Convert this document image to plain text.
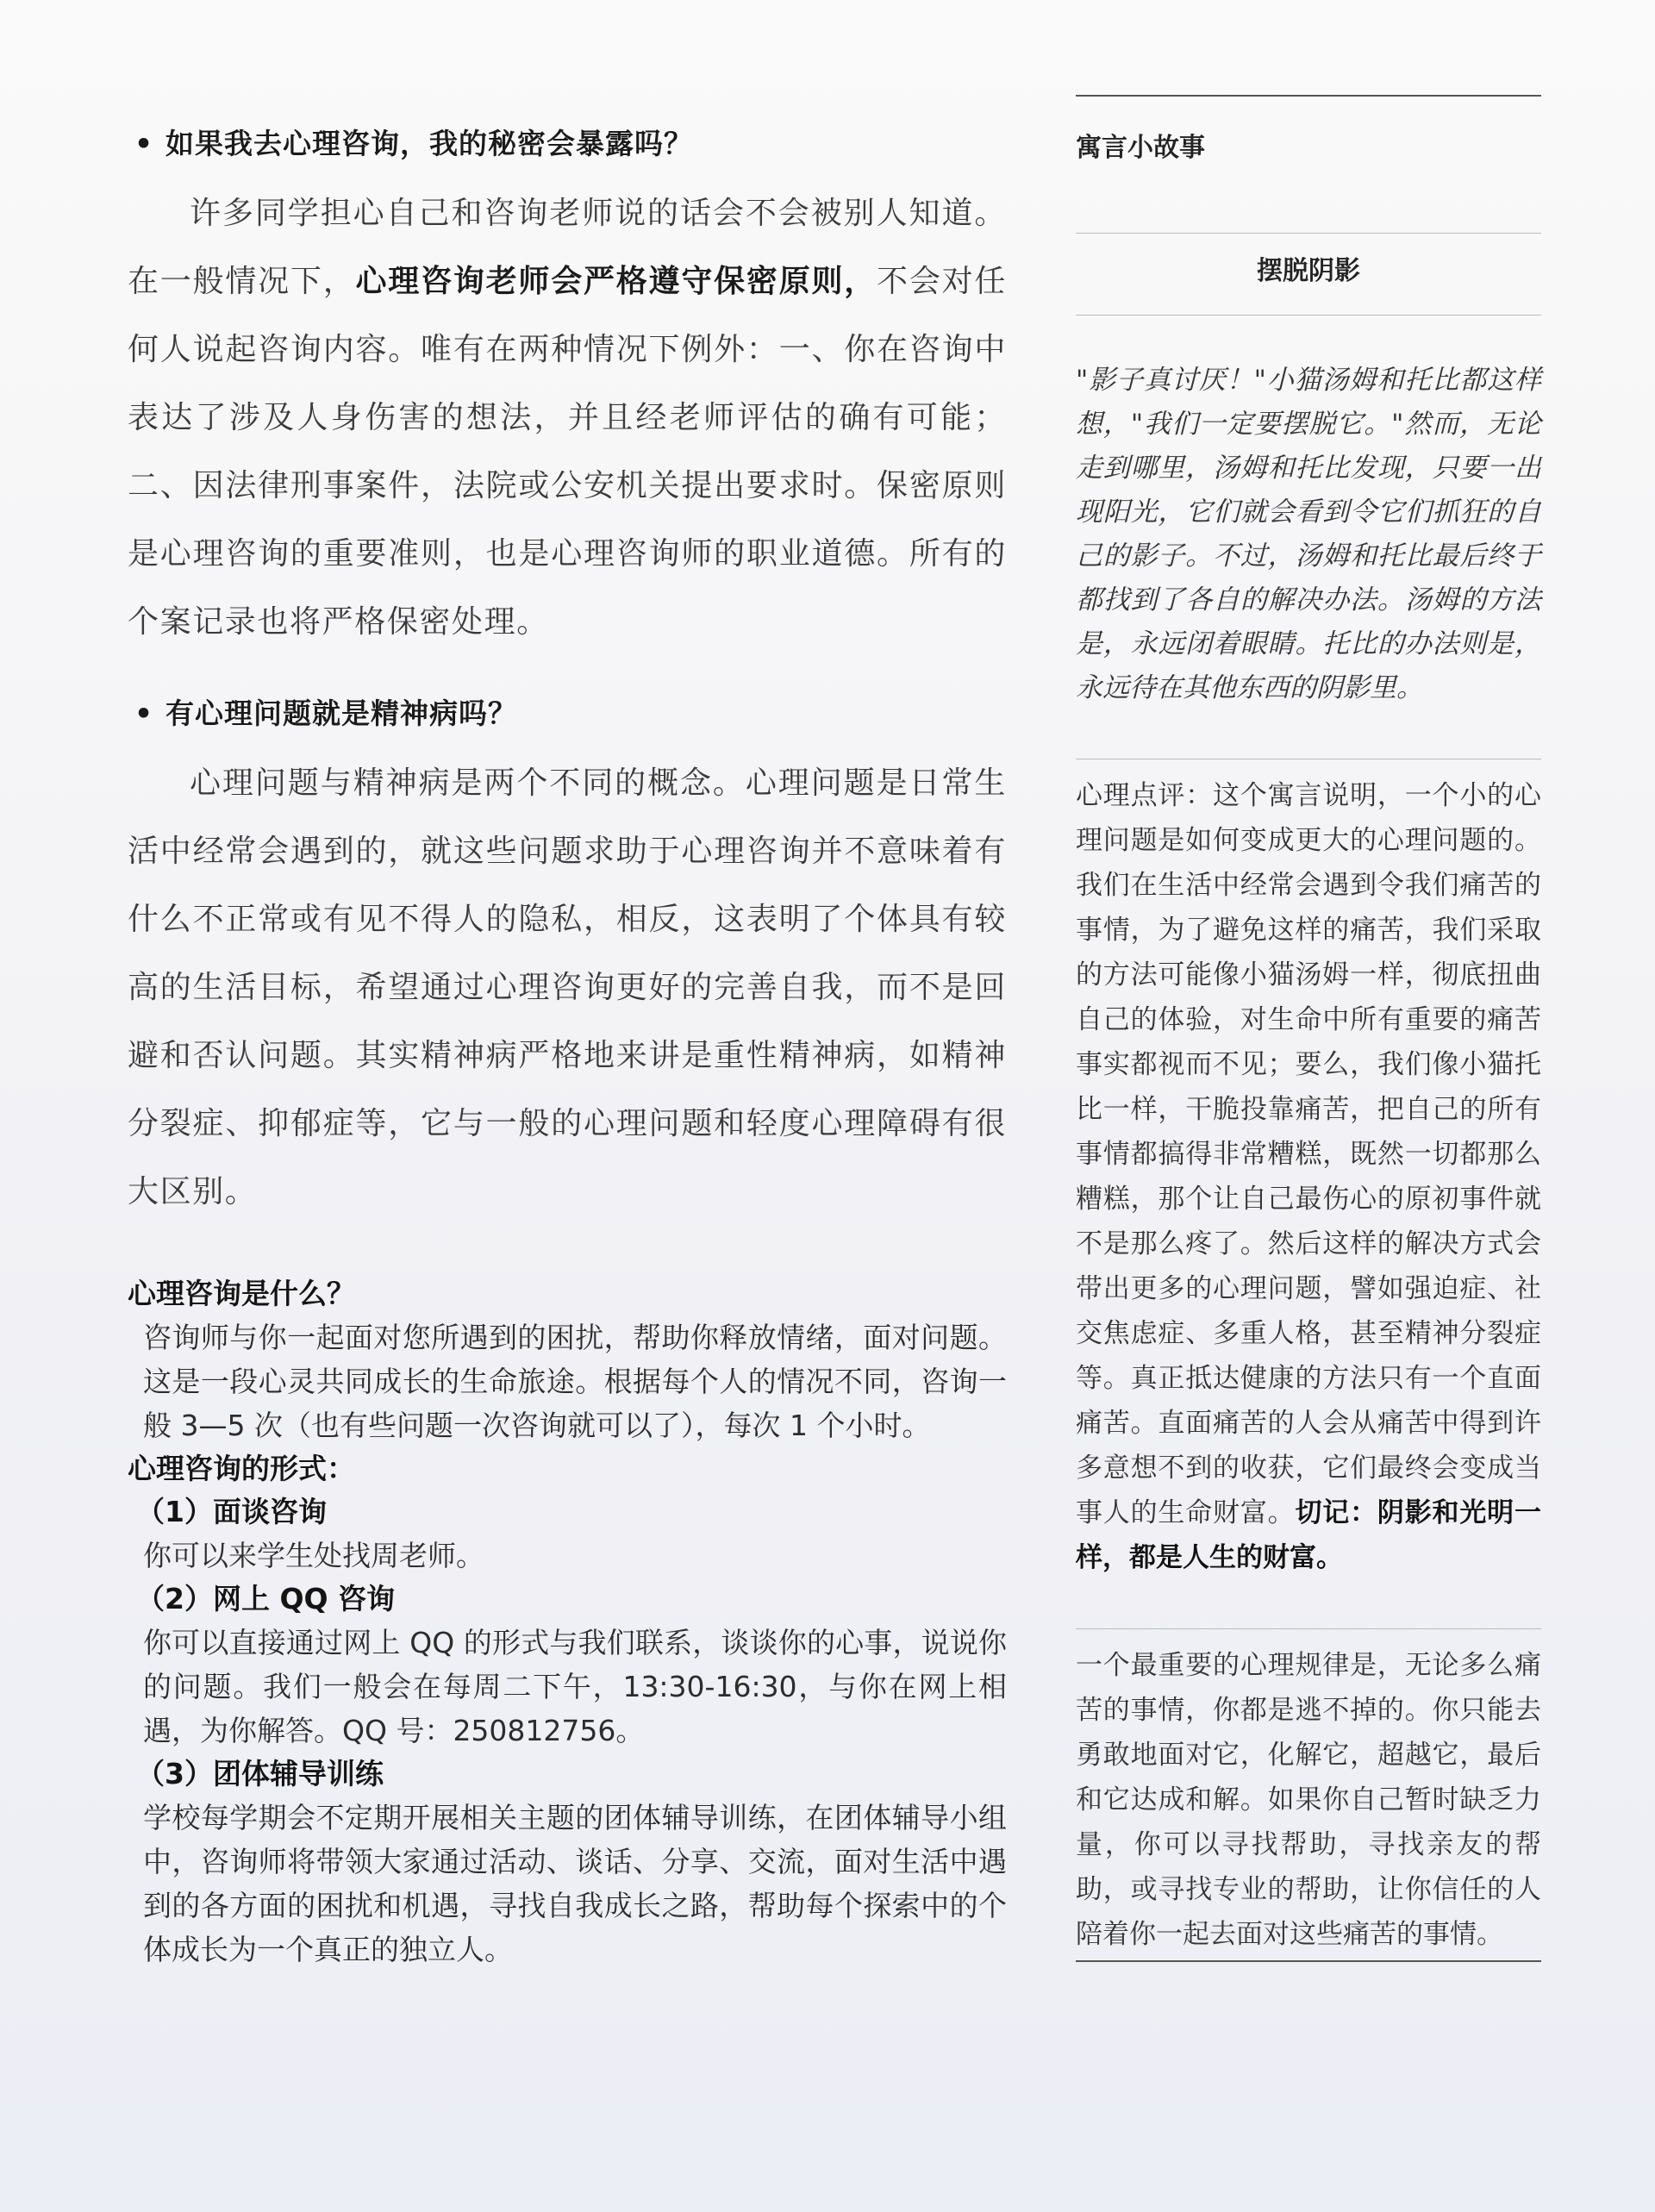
• 如果我去心理咨询，我的秘密会暴露吗？

许多同学担心自己和咨询老师说的话会不会被别人知道。在一般情况下，心理咨询老师会严格遵守保密原则，不会对任何人说起咨询内容。唯有在两种情况下例外：一、你在咨询中表达了涉及人身伤害的想法，并且经老师评估的确有可能；二、因法律刑事案件，法院或公安机关提出要求时。保密原则是心理咨询的重要准则，也是心理咨询师的职业道德。所有的个案记录也将严格保密处理。

• 有心理问题就是精神病吗？

心理问题与精神病是两个不同的概念。心理问题是日常生活中经常会遇到的，就这些问题求助于心理咨询并不意味着有什么不正常或有见不得人的隐私，相反，这表明了个体具有较高的生活目标，希望通过心理咨询更好的完善自我，而不是回避和否认问题。其实精神病严格地来讲是重性精神病，如精神分裂症、抑郁症等，它与一般的心理问题和轻度心理障碍有很大区别。

心理咨询是什么？

咨询师与你一起面对您所遇到的困扰，帮助你释放情绪，面对问题。这是一段心灵共同成长的生命旅途。根据每个人的情况不同，咨询一般 3—5 次（也有些问题一次咨询就可以了），每次 1 个小时。

心理咨询的形式：

（1）面谈咨询

你可以来学生处找周老师。

（2）网上 QQ 咨询

你可以直接通过网上 QQ 的形式与我们联系，谈谈你的心事，说说你的问题。我们一般会在每周二下午，13:30-16:30，与你在网上相遇，为你解答。QQ 号：250812756。

（3）团体辅导训练

学校每学期会不定期开展相关主题的团体辅导训练，在团体辅导小组中，咨询师将带领大家通过活动、谈话、分享、交流，面对生活中遇到的各方面的困扰和机遇，寻找自我成长之路，帮助每个探索中的个体成长为一个真正的独立人。

寓言小故事

摆脱阴影

"影子真讨厌！"小猫汤姆和托比都这样想，"我们一定要摆脱它。"然而，无论走到哪里，汤姆和托比发现，只要一出现阳光，它们就会看到令它们抓狂的自己的影子。不过，汤姆和托比最后终于都找到了各自的解决办法。汤姆的方法是，永远闭着眼睛。托比的办法则是，永远待在其他东西的阴影里。

心理点评：这个寓言说明，一个小的心理问题是如何变成更大的心理问题的。我们在生活中经常会遇到令我们痛苦的事情，为了避免这样的痛苦，我们采取的方法可能像小猫汤姆一样，彻底扭曲自己的体验，对生命中所有重要的痛苦事实都视而不见；要么，我们像小猫托比一样，干脆投靠痛苦，把自己的所有事情都搞得非常糟糕，既然一切都那么糟糕，那个让自己最伤心的原初事件就不是那么疼了。然后这样的解决方式会带出更多的心理问题，譬如强迫症、社交焦虑症、多重人格，甚至精神分裂症等。真正抵达健康的方法只有一个直面痛苦。直面痛苦的人会从痛苦中得到许多意想不到的收获，它们最终会变成当事人的生命财富。切记：阴影和光明一样，都是人生的财富。

一个最重要的心理规律是，无论多么痛苦的事情，你都是逃不掉的。你只能去勇敢地面对它，化解它，超越它，最后和它达成和解。如果你自己暂时缺乏力量，你可以寻找帮助，寻找亲友的帮助，或寻找专业的帮助，让你信任的人陪着你一起去面对这些痛苦的事情。
